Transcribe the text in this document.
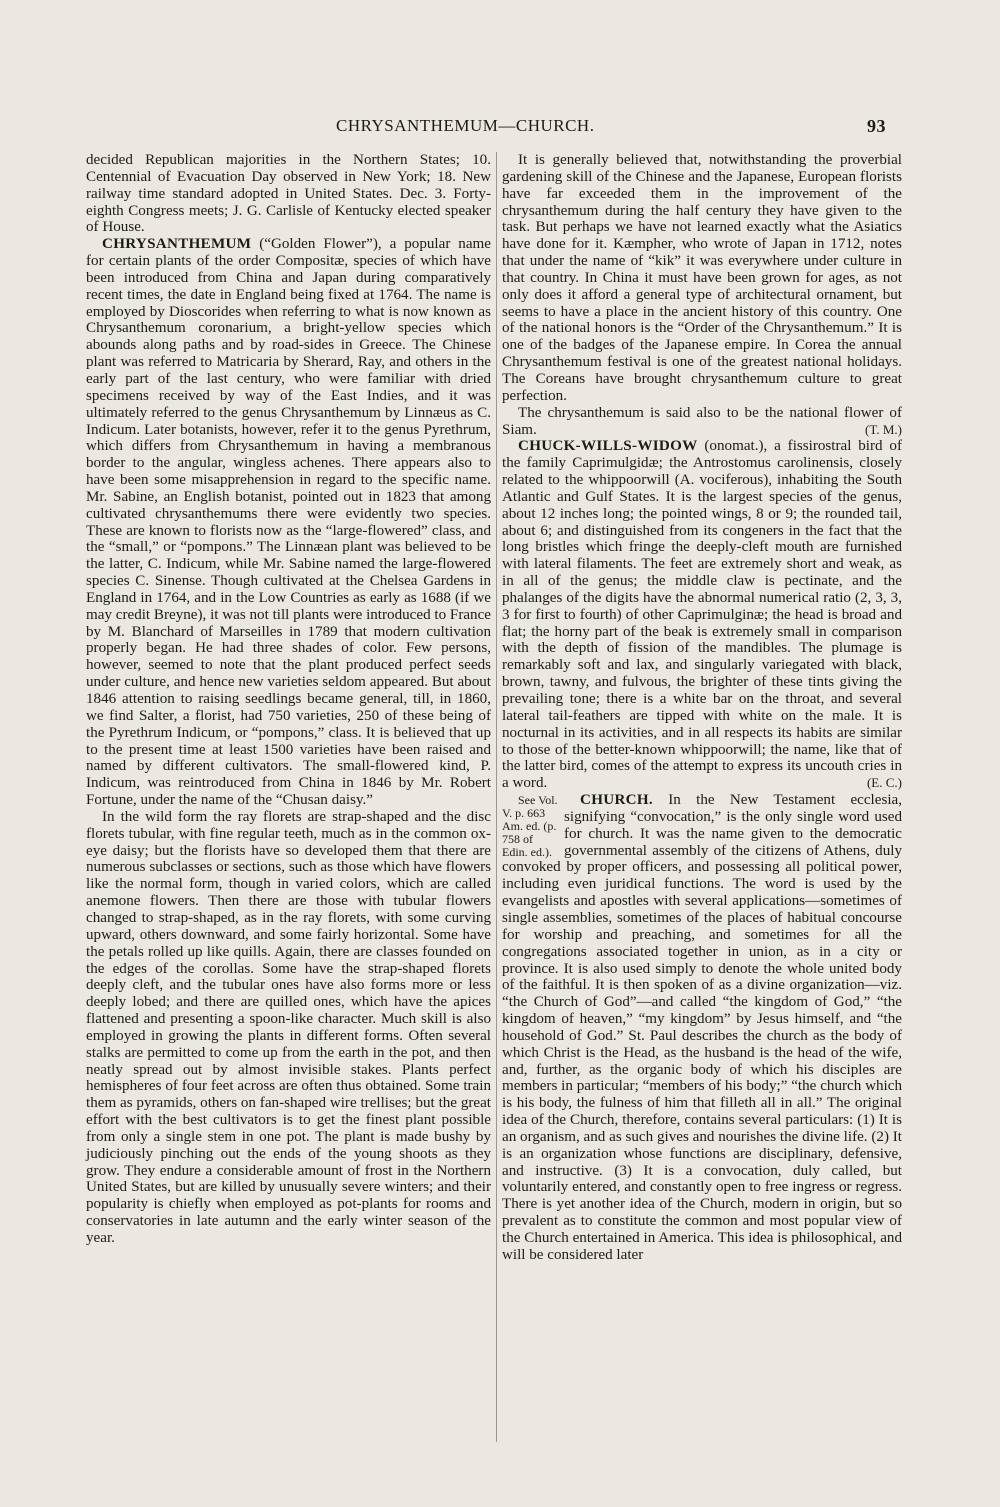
CHRYSANTHEMUM—CHURCH.	93

decided Republican majorities in the Northern States; 10. Centennial of Evacuation Day observed in New York; 18. New railway time standard adopted in United States. Dec. 3. Forty-eighth Congress meets; J. G. Carlisle of Kentucky elected speaker of House.

CHRYSANTHEMUM (“Golden Flower”), a popular name for certain plants of the order Compositæ, species of which have been introduced from China and Japan during comparatively recent times, the date in England being fixed at 1764. The name is employed by Dioscorides when referring to what is now known as Chrysanthemum coronarium, a bright-yellow species which abounds along paths and by road-sides in Greece. The Chinese plant was referred to Matricaria by Sherard, Ray, and others in the early part of the last century, who were familiar with dried specimens received by way of the East Indies, and it was ultimately referred to the genus Chrysanthemum by Linnæus as C. Indicum. Later botanists, however, refer it to the genus Pyrethrum, which differs from Chrysanthemum in having a membranous border to the angular, wingless achenes. There appears also to have been some misapprehension in regard to the specific name. Mr. Sabine, an English botanist, pointed out in 1823 that among cultivated chrysanthemums there were evidently two species. These are known to florists now as the “large-flowered” class, and the “small,” or “pompons.” The Linnæan plant was believed to be the latter, C. Indicum, while Mr. Sabine named the large-flowered species C. Sinense. Though cultivated at the Chelsea Gardens in England in 1764, and in the Low Countries as early as 1688 (if we may credit Breyne), it was not till plants were introduced to France by M. Blanchard of Marseilles in 1789 that modern cultivation properly began. He had three shades of color. Few persons, however, seemed to note that the plant produced perfect seeds under culture, and hence new varieties seldom appeared. But about 1846 attention to raising seedlings became general, till, in 1860, we find Salter, a florist, had 750 varieties, 250 of these being of the Pyrethrum Indicum, or “pompons,” class. It is believed that up to the present time at least 1500 varieties have been raised and named by different cultivators. The small-flowered kind, P. Indicum, was reintroduced from China in 1846 by Mr. Robert Fortune, under the name of the “Chusan daisy.”

In the wild form the ray florets are strap-shaped and the disc florets tubular, with fine regular teeth, much as in the common ox-eye daisy; but the florists have so developed them that there are numerous subclasses or sections, such as those which have flowers like the normal form, though in varied colors, which are called anemone flowers. Then there are those with tubular flowers changed to strap-shaped, as in the ray florets, with some curving upward, others downward, and some fairly horizontal. Some have the petals rolled up like quills. Again, there are classes founded on the edges of the corollas. Some have the strap-shaped florets deeply cleft, and the tubular ones have also forms more or less deeply lobed; and there are quilled ones, which have the apices flattened and presenting a spoon-like character. Much skill is also employed in growing the plants in different forms. Often several stalks are permitted to come up from the earth in the pot, and then neatly spread out by almost invisible stakes. Plants perfect hemispheres of four feet across are often thus obtained. Some train them as pyramids, others on fan-shaped wire trellises; but the great effort with the best cultivators is to get the finest plant possible from only a single stem in one pot. The plant is made bushy by judiciously pinching out the ends of the young shoots as they grow. They endure a considerable amount of frost in the Northern United States, but are killed by unusually severe winters; and their popularity is chiefly when employed as pot-plants for rooms and conservatories in late autumn and the early winter season of the year.

It is generally believed that, notwithstanding the proverbial gardening skill of the Chinese and the Japanese, European florists have far exceeded them in the improvement of the chrysanthemum during the half century they have given to the task. But perhaps we have not learned exactly what the Asiatics have done for it. Kæmpher, who wrote of Japan in 1712, notes that under the name of “kik” it was everywhere under culture in that country. In China it must have been grown for ages, as not only does it afford a general type of architectural ornament, but seems to have a place in the ancient history of this country. One of the national honors is the “Order of the Chrysanthemum.” It is one of the badges of the Japanese empire. In Corea the annual Chrysanthemum festival is one of the greatest national holidays. The Coreans have brought chrysanthemum culture to great perfection.

The chrysanthemum is said also to be the national flower of Siam.	(T. M.)

CHUCK-WILLS-WIDOW (onomat.), a fissirostral bird of the family Caprimulgidæ; the Antrostomus carolinensis, closely related to the whippoorwill (A. vociferous), inhabiting the South Atlantic and Gulf States. It is the largest species of the genus, about 12 inches long; the pointed wings, 8 or 9; the rounded tail, about 6; and distinguished from its congeners in the fact that the long bristles which fringe the deeply-cleft mouth are furnished with lateral filaments. The feet are extremely short and weak, as in all of the genus; the middle claw is pectinate, and the phalanges of the digits have the abnormal numerical ratio (2, 3, 3, 3 for first to fourth) of other Caprimulginæ; the head is broad and flat; the horny part of the beak is extremely small in comparison with the depth of fission of the mandibles. The plumage is remarkably soft and lax, and singularly variegated with black, brown, tawny, and fulvous, the brighter of these tints giving the prevailing tone; there is a white bar on the throat, and several lateral tail-feathers are tipped with white on the male. It is nocturnal in its activities, and in all respects its habits are similar to those of the better-known whippoorwill; the name, like that of the latter bird, comes of the attempt to express its uncouth cries in a word.	(E. C.)

CHURCH.
See Vol. V. p. 663 Am. ed. (p. 758 of Edin. ed.).
In the New Testament ecclesia, signifying “convocation,” is the only single word used for church. It was the name given to the democratic governmental assembly of the citizens of Athens, duly convoked by proper officers, and possessing all political power, including even juridical functions. The word is used by the evangelists and apostles with several applications—sometimes of single assemblies, sometimes of the places of habitual concourse for worship and preaching, and sometimes for all the congregations associated together in union, as in a city or province. It is also used simply to denote the whole united body of the faithful. It is then spoken of as a divine organization—viz. “the Church of God”—and called “the kingdom of God,” “the kingdom of heaven,” “my kingdom” by Jesus himself, and “the household of God.” St. Paul describes the church as the body of which Christ is the Head, as the husband is the head of the wife, and, further, as the organic body of which his disciples are members in particular; “members of his body;” “the church which is his body, the fulness of him that filleth all in all.” The original idea of the Church, therefore, contains several particulars: (1) It is an organism, and as such gives and nourishes the divine life. (2) It is an organization whose functions are disciplinary, defensive, and instructive. (3) It is a convocation, duly called, but voluntarily entered, and constantly open to free ingress or regress. There is yet another idea of the Church, modern in origin, but so prevalent as to constitute the common and most popular view of the Church entertained in America. This idea is philosophical, and will be considered later
